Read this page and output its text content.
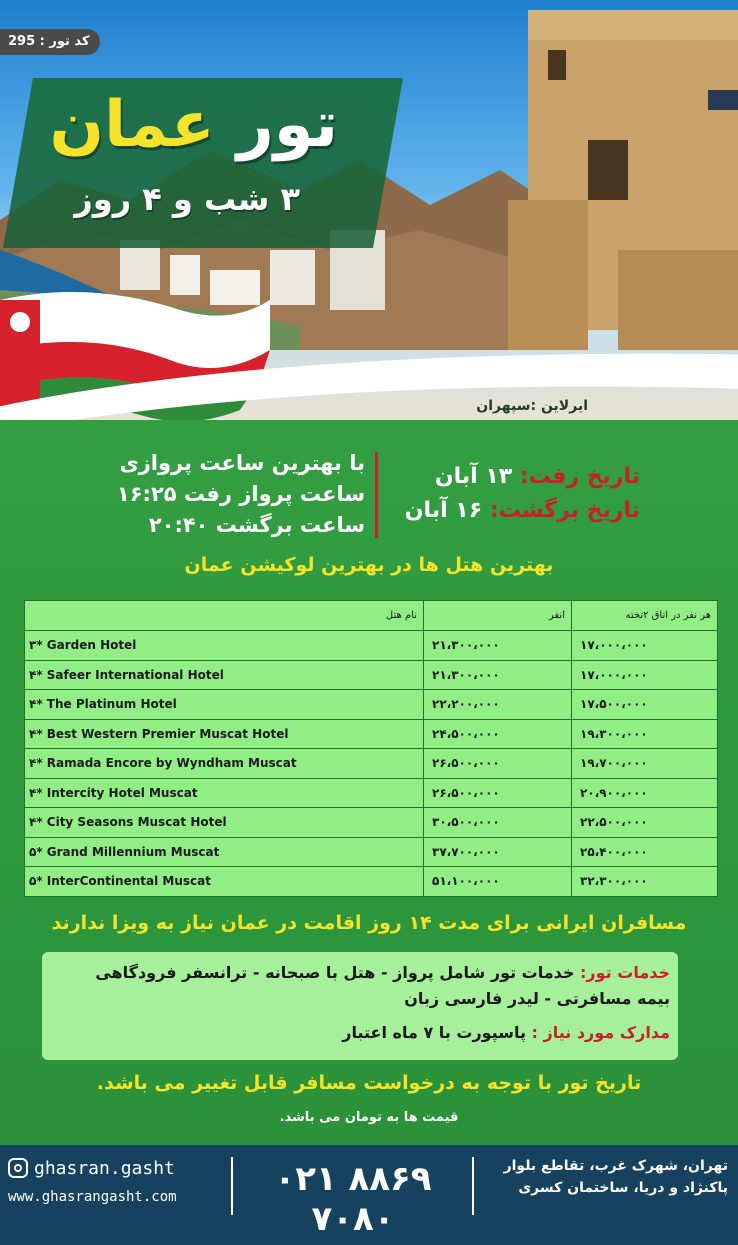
کد تور : 295
تور عمان
۳ شب و ۴ روز
ایرلاین :سپهران
با بهترین ساعت پروازی
ساعت پرواز رفت ۱۶:۲۵
ساعت برگشت ۲۰:۴۰
تاریخ رفت: ۱۳ آبان
تاریخ برگشت: ۱۶ آبان
بهترین هتل ها در بهترین لوکیشن عمان
هر نفر در اتاق ۲تخته	انفر	نام هتل
۱۷،۰۰۰،۰۰۰	۲۱،۳۰۰،۰۰۰	۳* Garden Hotel
۱۷،۰۰۰،۰۰۰	۲۱،۳۰۰،۰۰۰	۴* Safeer International Hotel
۱۷،۵۰۰،۰۰۰	۲۲،۲۰۰،۰۰۰	۴* The Platinum Hotel
۱۹،۳۰۰،۰۰۰	۲۴،۵۰۰،۰۰۰	۴* Best Western Premier Muscat Hotel
۱۹،۷۰۰،۰۰۰	۲۶،۵۰۰،۰۰۰	۴* Ramada Encore by Wyndham Muscat
۲۰،۹۰۰،۰۰۰	۲۶،۵۰۰،۰۰۰	۴* Intercity Hotel Muscat
۲۲،۵۰۰،۰۰۰	۳۰،۵۰۰،۰۰۰	۴* City Seasons Muscat Hotel
۲۵،۴۰۰،۰۰۰	۳۷،۷۰۰،۰۰۰	۵* Grand Millennium Muscat
۳۲،۳۰۰،۰۰۰	۵۱،۱۰۰،۰۰۰	۵* InterContinental Muscat
مسافران ایرانی برای مدت ۱۴ روز اقامت در عمان نیاز به ویزا ندارند
خدمات تور: خدمات تور شامل پرواز - هتل با صبحانه - ترانسفر فرودگاهی
بیمه مسافرتی - لیدر فارسی زبان
مدارک مورد نیاز : پاسپورت با ۷ ماه اعتبار
تاریخ تور با توجه به درخواست مسافر قابل تغییر می باشد.
قیمت ها به تومان می باشد.
ghasran.gasht
www.ghasrangasht.com	۰۲۱ ۸۸۶۹ ۷۰۸۰
تهران، شهرک غرب، تقاطع بلوار
پاکنژاد و دریا، ساختمان کسری
